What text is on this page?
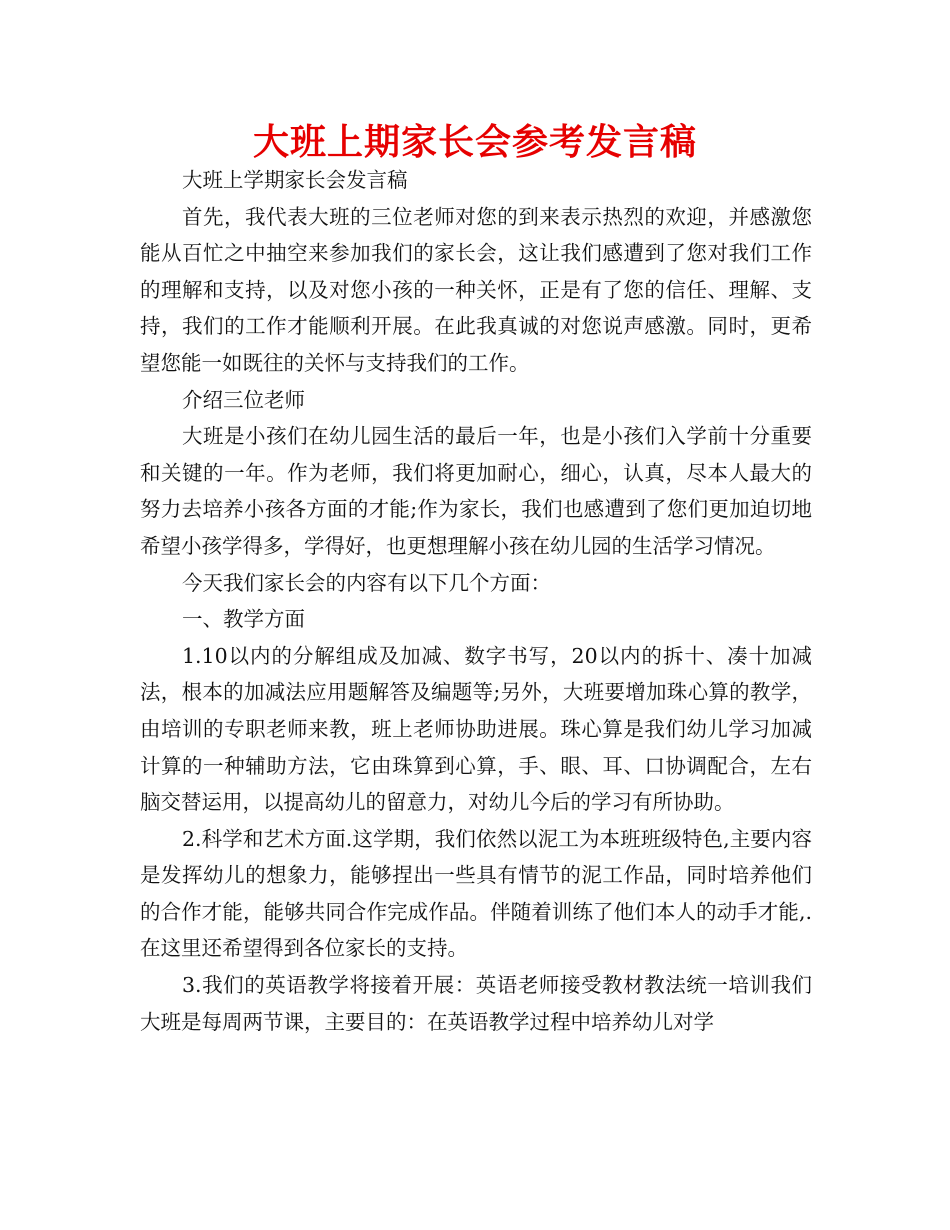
大班上期家长会参考发言稿

大班上学期家长会发言稿

首先，我代表大班的三位老师对您的到来表示热烈的欢迎，并感激您能从百忙之中抽空来参加我们的家长会，这让我们感遭到了您对我们工作的理解和支持，以及对您小孩的一种关怀，正是有了您的信任、理解、支持，我们的工作才能顺利开展。在此我真诚的对您说声感激。同时，更希望您能一如既往的关怀与支持我们的工作。

介绍三位老师

大班是小孩们在幼儿园生活的最后一年，也是小孩们入学前十分重要和关键的一年。作为老师，我们将更加耐心，细心，认真，尽本人最大的努力去培养小孩各方面的才能;作为家长，我们也感遭到了您们更加迫切地希望小孩学得多，学得好，也更想理解小孩在幼儿园的生活学习情况。

今天我们家长会的内容有以下几个方面：

一、教学方面

1.10以内的分解组成及加减、数字书写，20以内的拆十、凑十加减法，根本的加减法应用题解答及编题等;另外，大班要增加珠心算的教学，由培训的专职老师来教，班上老师协助进展。珠心算是我们幼儿学习加减计算的一种辅助方法，它由珠算到心算，手、眼、耳、口协调配合，左右脑交替运用，以提高幼儿的留意力，对幼儿今后的学习有所协助。

2.科学和艺术方面.这学期，我们依然以泥工为本班班级特色,主要内容是发挥幼儿的想象力，能够捏出一些具有情节的泥工作品，同时培养他们的合作才能，能够共同合作完成作品。伴随着训练了他们本人的动手才能,.在这里还希望得到各位家长的支持。

3.我们的英语教学将接着开展：英语老师接受教材教法统一培训我们大班是每周两节课，主要目的：在英语教学过程中培养幼儿对学
